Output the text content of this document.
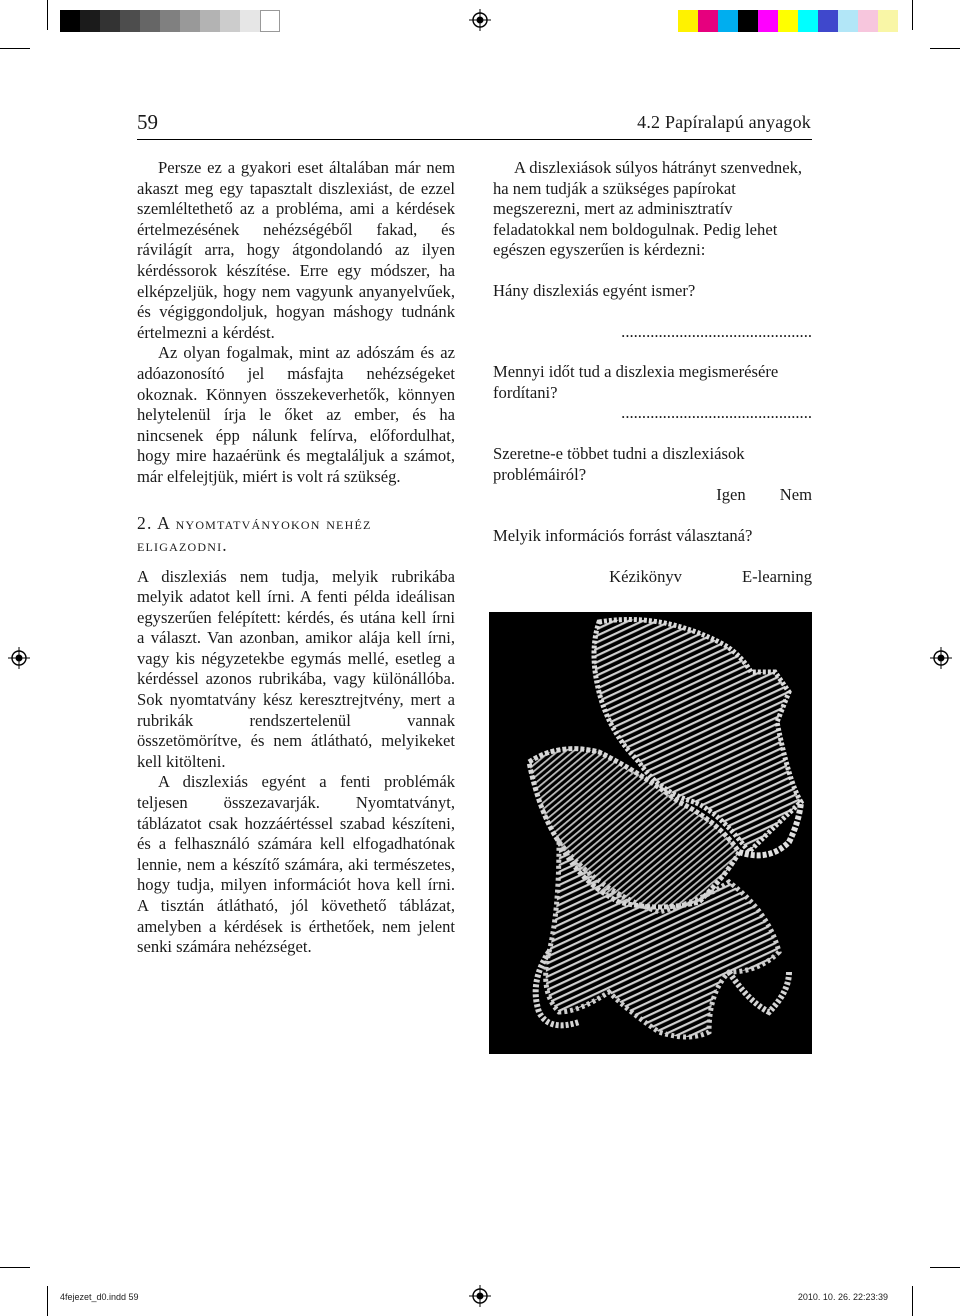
59	4.2 Papíralapú anyagok

Persze ez a gyakori eset általában már nem akaszt meg egy tapasztalt diszlexiást, de ezzel szemléltethető az a probléma, ami a kérdések értelmezésének nehézségéből fakad, és rávilágít arra, hogy átgondolandó az ilyen kérdéssorok készítése. Erre egy módszer, ha elképzeljük, hogy nem vagyunk anyanyelvűek, és végiggondoljuk, hogyan máshogy tudnánk értelmezni a kérdést.

Az olyan fogalmak, mint az adószám és az adóazonosító jel másfajta nehézségeket okoznak. Könnyen összekeverhetők, könnyen helytelenül írja le őket az ember, és ha nincsenek épp nálunk felírva, előfordulhat, hogy mire hazaérünk és megtaláljuk a számot, már elfelejtjük, miért is volt rá szükség.

2. A nyomtatványokon nehéz eligazodni.

A diszlexiás nem tudja, melyik rubrikába melyik adatot kell írni. A fenti példa ideálisan egyszerűen felépített: kérdés, és utána kell írni a választ. Van azonban, amikor alája kell írni, vagy kis négyzetekbe egymás mellé, esetleg a kérdéssel azonos rubrikába, vagy különállóba. Sok nyomtatvány kész keresztrejtvény, mert a rubrikák rendszertelenül vannak összetömörítve, és nem átlátható, melyikeket kell kitölteni.

A diszlexiás egyént a fenti problémák teljesen összezavarják. Nyomtatványt, táblázatot csak hozzáértéssel szabad készíteni, és a felhasználó számára kell elfogadhatónak lennie, nem a készítő számára, aki természetes, hogy tudja, milyen információt hova kell írni. A tisztán átlátható, jól követhető táblázat, amelyben a kérdések is érthetőek, nem jelent senki számára nehézséget.

A diszlexiások súlyos hátrányt szenvednek, ha nem tudják a szükséges papírokat megszerezni, mert az adminisztratív feladatokkal nem boldogulnak. Pedig lehet egészen egyszerűen is kérdezni:

Hány diszlexiás egyént ismer?

..............................................

Mennyi időt tud a diszlexia megismerésére fordítani?

..............................................

Szeretne-e többet tudni a diszlexiások problémáiról?

Igen Nem

Melyik információs forrást választaná?

Kézikönyv	E-learning
4fejezet_d0.indd 59	2010. 10. 26. 22:23:39
